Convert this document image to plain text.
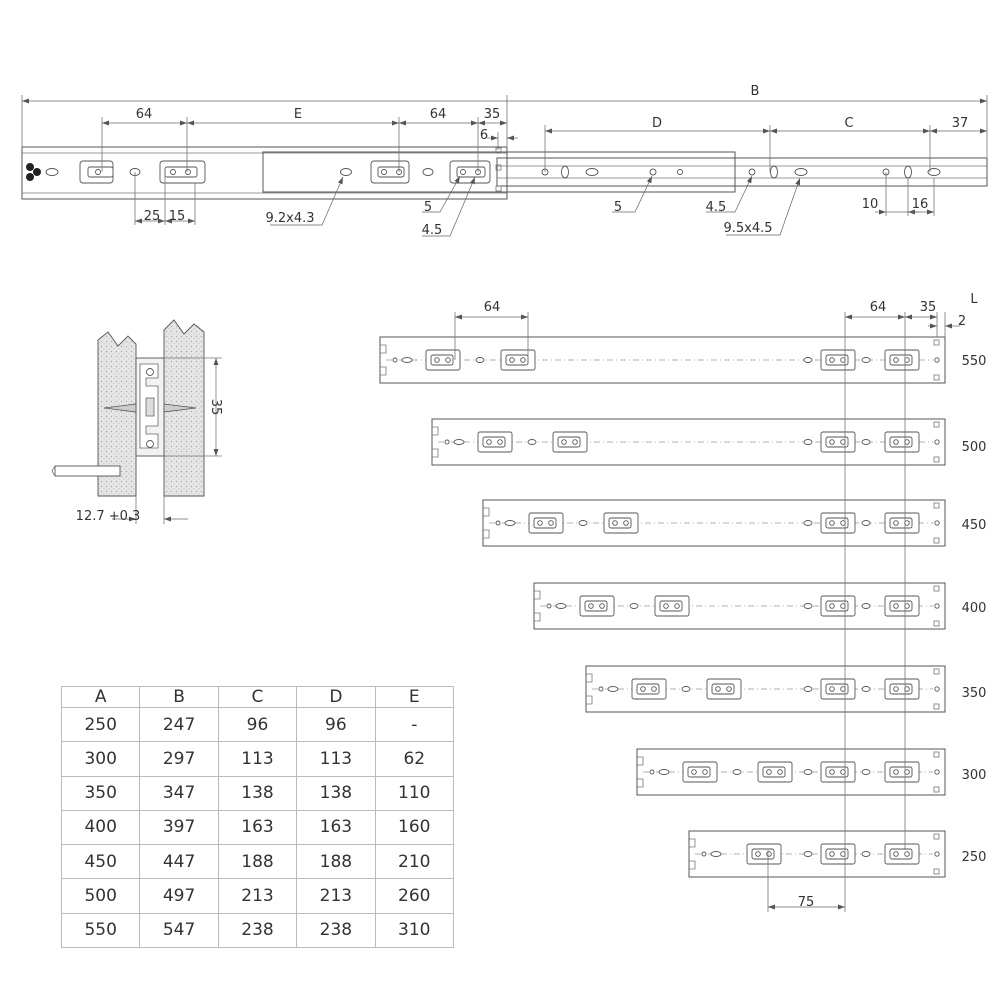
B
64	E	64	35
6
D	C	37
25 15	9.2x4.3
5
4.5
5	4.5
9.5x4.5
10	16
35
12.7 +0.3
64	64	35
2
L
75
550
500
450
400
350
300
250
A	B	C	D	E
250	247	96	96	-
300	297	113	113	62
350	347	138	138	110
400	397	163	163	160
450	447	188	188	210
500	497	213	213	260
550	547	238	238	310
